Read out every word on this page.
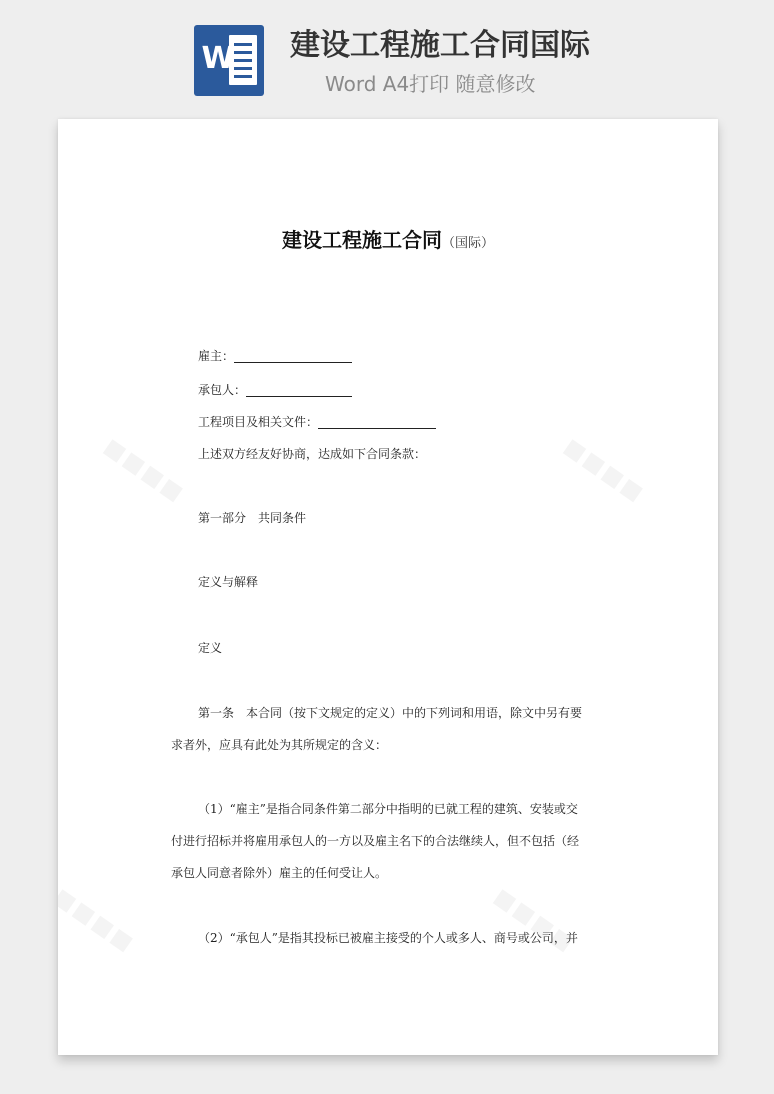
W 建设工程施工合同国际
Word A4打印 随意修改
建设工程施工合同（国际）
雇主：
承包人：
工程项目及相关文件：
上述双方经友好协商，达成如下合同条款：
第一部分　共同条件
定义与解释
定义
第一条　本合同（按下文规定的定义）中的下列词和用语，除文中另有要
求者外，应具有此处为其所规定的含义：
（1）“雇主”是指合同条件第二部分中指明的已就工程的建筑、安装或交
付进行招标并将雇用承包人的一方以及雇主名下的合法继续人，但不包括（经
承包人同意者除外）雇主的任何受让人。
（2）“承包人”是指其投标已被雇主接受的个人或多人、商号或公司，并
